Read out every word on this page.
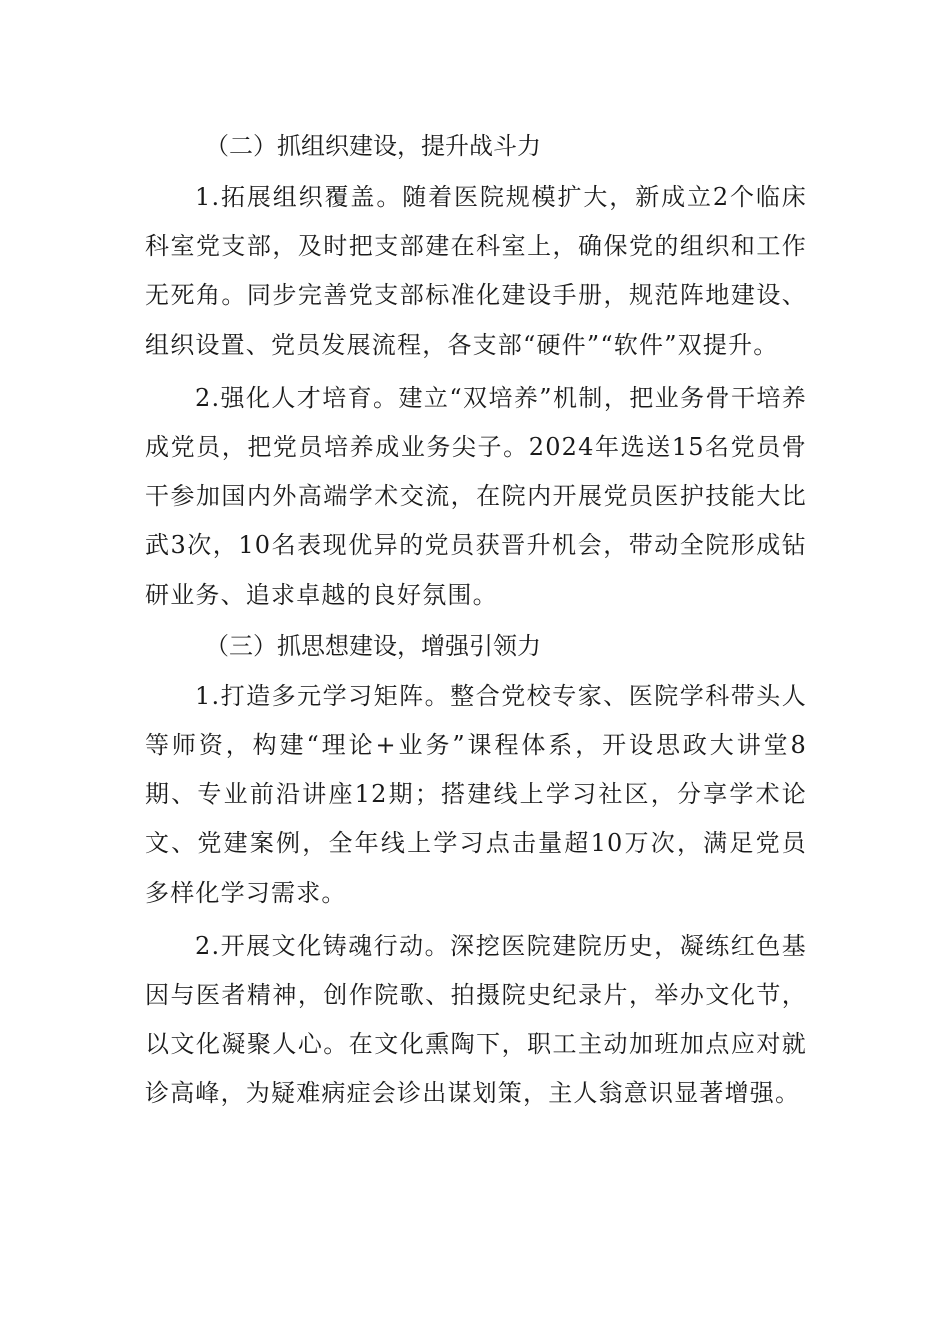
（二）抓组织建设，提升战斗力

1.拓展组织覆盖。随着医院规模扩大，新成立2个临床科室党支部，及时把支部建在科室上，确保党的组织和工作无死角。同步完善党支部标准化建设手册，规范阵地建设、组织设置、党员发展流程，各支部“硬件”“软件”双提升。

2.强化人才培育。建立“双培养”机制，把业务骨干培养成党员，把党员培养成业务尖子。2024年选送15名党员骨干参加国内外高端学术交流，在院内开展党员医护技能大比武3次，10名表现优异的党员获晋升机会，带动全院形成钻研业务、追求卓越的良好氛围。

（三）抓思想建设，增强引领力

1.打造多元学习矩阵。整合党校专家、医院学科带头人等师资，构建“理论+业务”课程体系，开设思政大讲堂8期、专业前沿讲座12期；搭建线上学习社区，分享学术论文、党建案例，全年线上学习点击量超10万次，满足党员多样化学习需求。

2.开展文化铸魂行动。深挖医院建院历史，凝练红色基因与医者精神，创作院歌、拍摄院史纪录片，举办文化节，以文化凝聚人心。在文化熏陶下，职工主动加班加点应对就诊高峰，为疑难病症会诊出谋划策，主人翁意识显著增强。
